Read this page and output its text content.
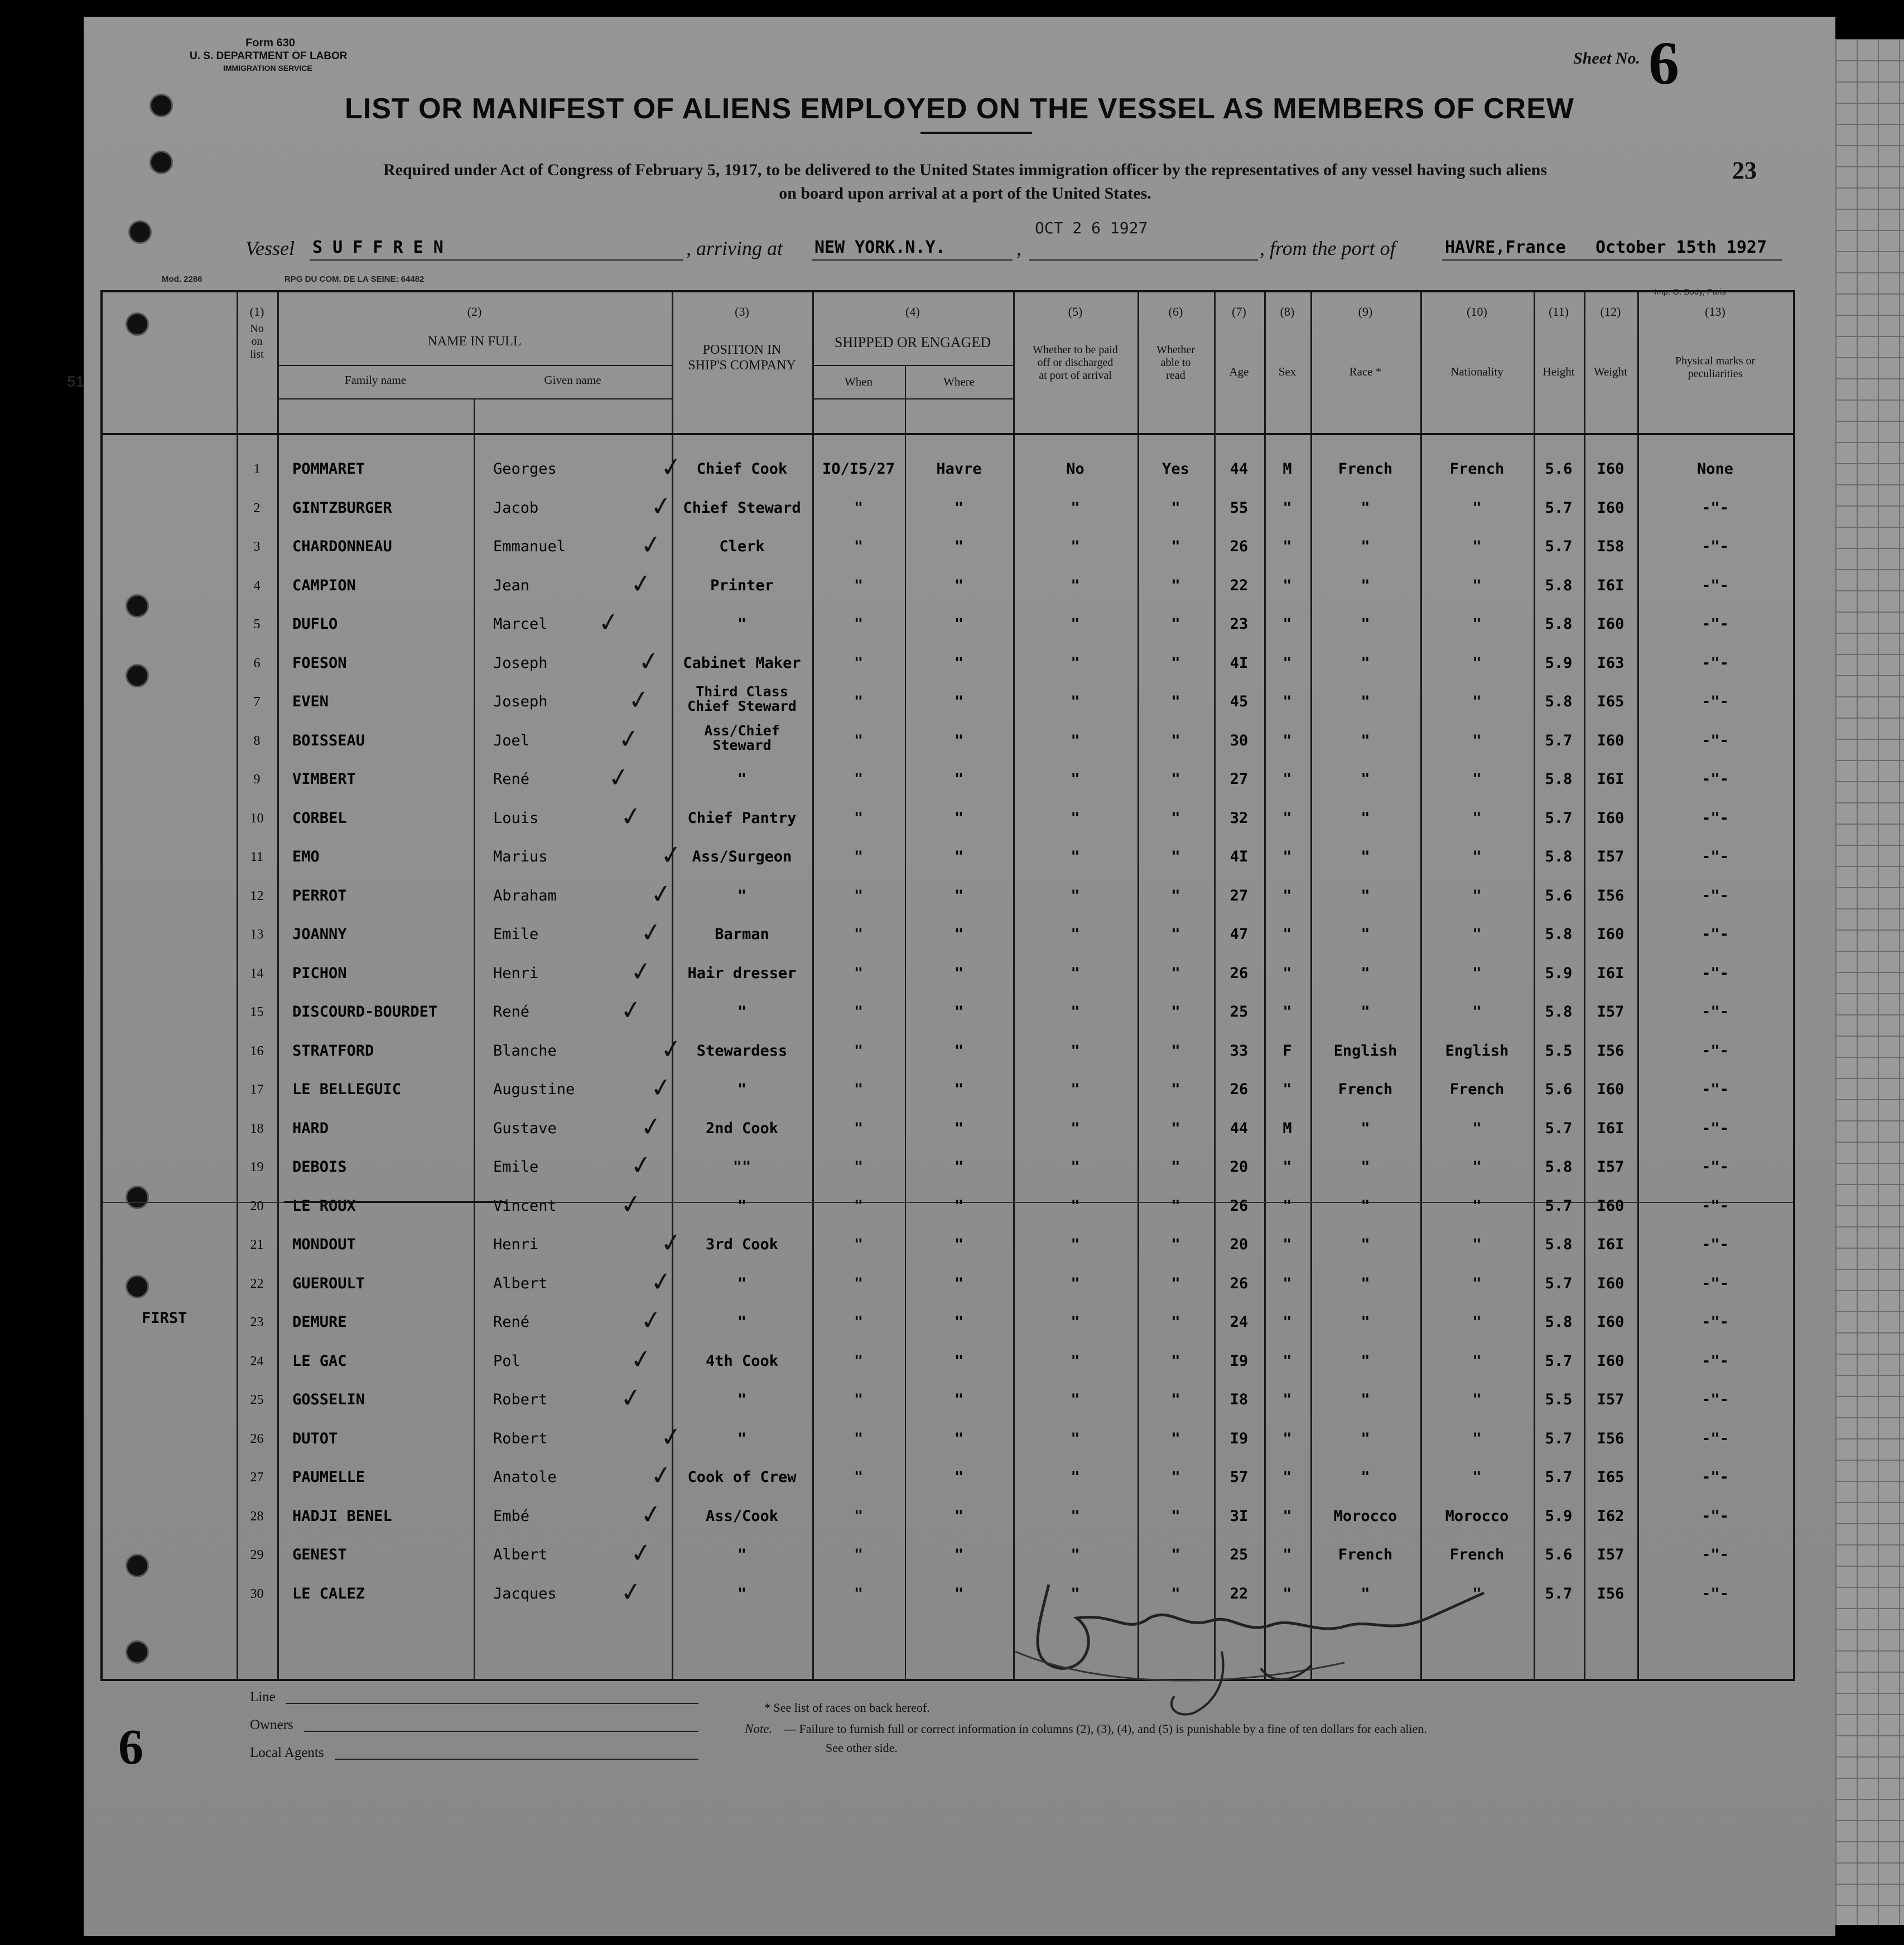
Form 630
U. S. DEPARTMENT OF LABOR
IMMIGRATION SERVICE
Sheet No. 6
LIST OR MANIFEST OF ALIENS EMPLOYED ON THE VESSEL AS MEMBERS OF CREW
Required under Act of Congress of February 5, 1917, to be delivered to the United States immigration officer by the representatives of any vessel having such aliens
on board upon arrival at a port of the United States.
23
51
Vessel S U F F R E N	, arriving at NEW YORK.N.Y.	,
OCT 2 6 1927
, from the port of	HAVRE,France October 15th 1927
Mod. 2286	RPG DU COM. DE LA SEINE: 64482
Imp. G. Body, Paris
(1)
No
on
list
(2)
NAME IN FULL
Family name	Given name
(3)
POSITION IN
SHIP'S COMPANY
(4)
SHIPPED OR ENGAGED
When	Where
(5)
Whether to be paid
off or discharged
at port of arrival
(6)
Whether
able to
read
(7)
Age
(8)
Sex
(9)
Race *
(10)
Nationality
(11)
Height
(12)
Weight
(13)
Physical marks or
peculiarities
FIRST
1	POMMARET	Georges	Chief Cook	IO/I5/27	Havre	No	Yes	44	M	French	French	5.6	I60	None
✓
2	GINTZBURGER	Jacob	Chief Steward	"	"	"	"	55	"	"	"	5.7	I60	-"-
✓
3	CHARDONNEAU	Emmanuel	Clerk	"	"	"	"	26	"	"	"	5.7	I58	-"-
✓
4	CAMPION	Jean	Printer	"	"	"	"	22	"	"	"	5.8	I6I	-"-
✓
5	DUFLO	Marcel	"	"	"	"	"	23	"	"	"	5.8	I60	-"-
✓
6	FOESON	Joseph	Cabinet Maker	"	"	"	"	4I	"	"	"	5.9	I63	-"-
✓
7	EVEN	Joseph
Third Class
Chief Steward	"	"	"	"	45	"	"	"	5.8	I65	-"-
✓
8	BOISSEAU	Joel
Ass/Chief
Steward	"	"	"	"	30	"	"	"	5.7	I60	-"-
✓
9	VIMBERT	René	"	"	"	"	"	27	"	"	"	5.8	I6I	-"-
✓
10	CORBEL	Louis	Chief Pantry	"	"	"	"	32	"	"	"	5.7	I60	-"-
✓
11	EMO	Marius	Ass/Surgeon	"	"	"	"	4I	"	"	"	5.8	I57	-"-
✓
12	PERROT	Abraham	"	"	"	"	"	27	"	"	"	5.6	I56	-"-
✓
13	JOANNY	Emile	Barman	"	"	"	"	47	"	"	"	5.8	I60	-"-
✓
14	PICHON	Henri	Hair dresser	"	"	"	"	26	"	"	"	5.9	I6I	-"-
✓
15	DISCOURD-BOURDET	René	"	"	"	"	"	25	"	"	"	5.8	I57	-"-
✓
16	STRATFORD	Blanche	Stewardess	"	"	"	"	33	F	English	English	5.5	I56	-"-
✓
17	LE BELLEGUIC	Augustine	"	"	"	"	"	26	"	French	French	5.6	I60	-"-
✓
18	HARD	Gustave	2nd Cook	"	"	"	"	44	M	"	"	5.7	I6I	-"-
✓
19	DEBOIS	Emile	""	"	"	"	"	20	"	"	"	5.8	I57	-"-
✓
20	LE ROUX	Vincent	"	"	"	"	"	26	"	"	"	5.7	I60	-"-
✓
21	MONDOUT	Henri	3rd Cook	"	"	"	"	20	"	"	"	5.8	I6I	-"-
✓
22	GUEROULT	Albert	"	"	"	"	"	26	"	"	"	5.7	I60	-"-
✓
23	DEMURE	René	"	"	"	"	"	24	"	"	"	5.8	I60	-"-
✓
24	LE GAC	Pol	4th Cook	"	"	"	"	I9	"	"	"	5.7	I60	-"-
✓
25	GOSSELIN	Robert	"	"	"	"	"	I8	"	"	"	5.5	I57	-"-
✓
26	DUTOT	Robert	"	"	"	"	"	I9	"	"	"	5.7	I56	-"-
✓
27	PAUMELLE	Anatole	Cook of Crew	"	"	"	"	57	"	"	"	5.7	I65	-"-
✓
28	HADJI BENEL	Embé	Ass/Cook	"	"	"	"	3I	"	Morocco	Morocco	5.9	I62	-"-
✓
29	GENEST	Albert	"	"	"	"	"	25	"	French	French	5.6	I57	-"-
✓
30	LE CALEZ	Jacques	"	"	"	"	"	22	"	"	"	5.7	I56	-"-
✓
6
Line
Owners
Local Agents
* See list of races on back hereof.
Note. — Failure to furnish full or correct information in columns (2), (3), (4), and (5) is punishable by a fine of ten dollars for each alien.
See other side.
